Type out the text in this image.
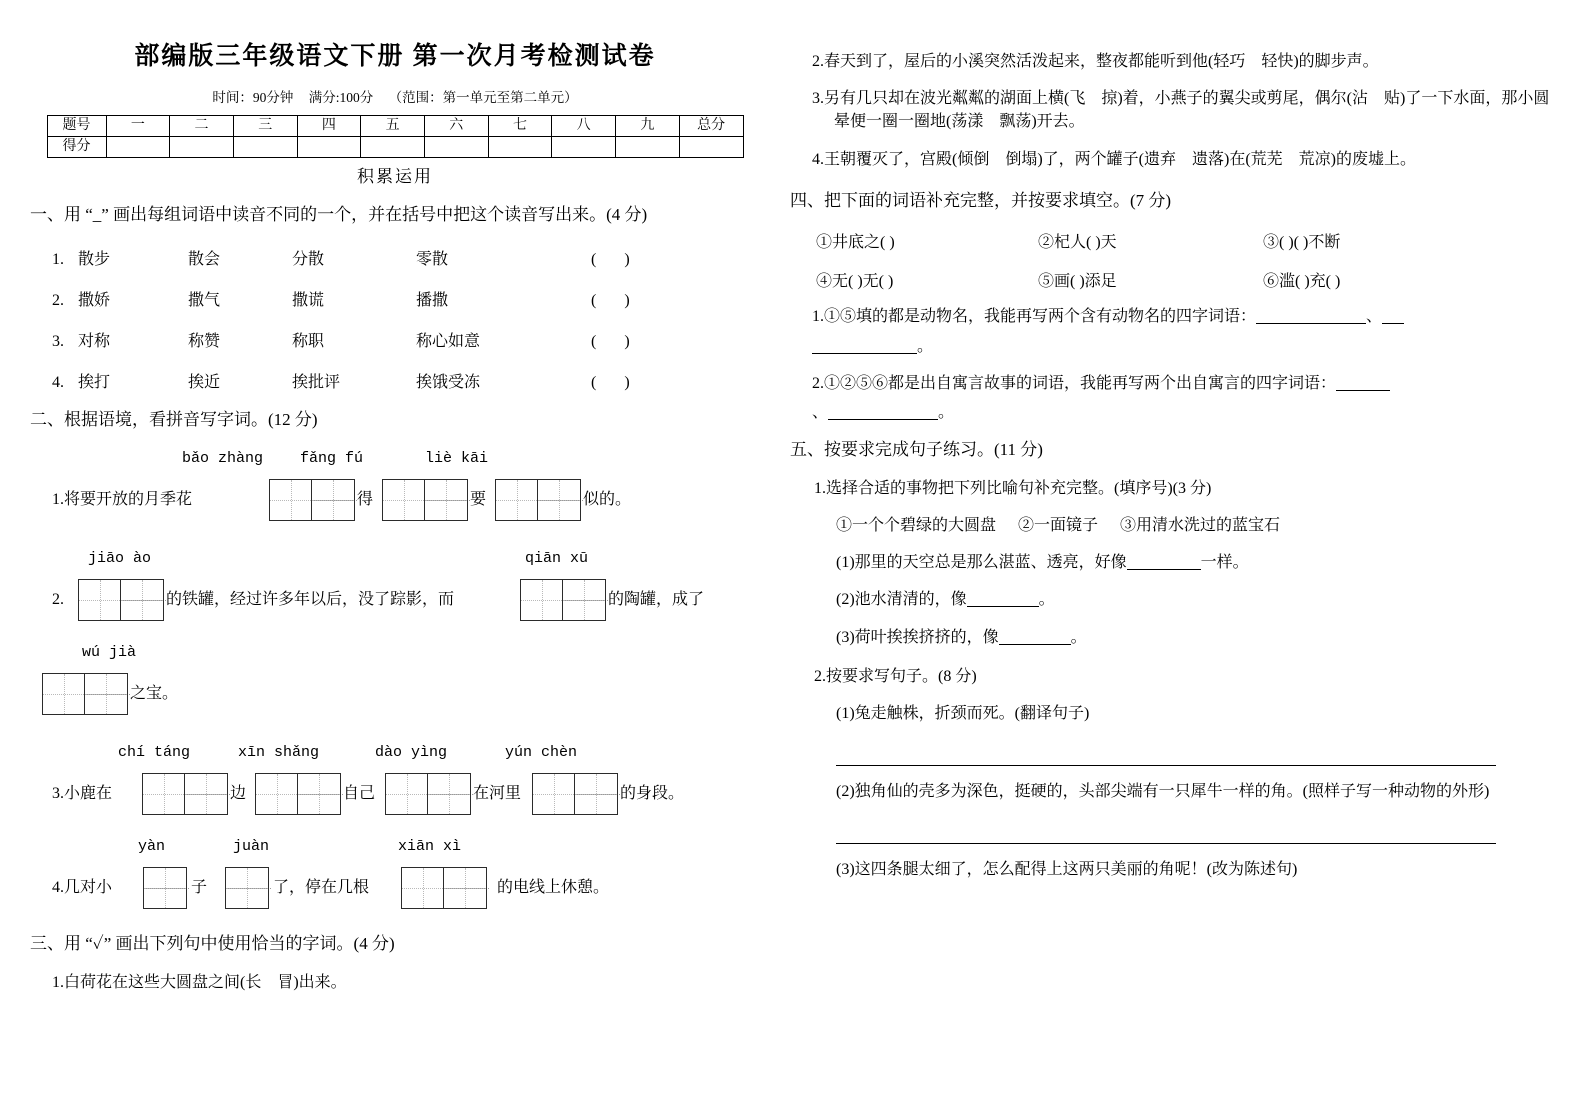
部编版三年级语文下册 第一次月考检测试卷
时间：90分钟 满分:100分 （范围：第一单元至第二单元）
题号	一	二	三	四	五	六	七	八	九	总分
得分										
积累运用
一、用 “_” 画出每组词语中读音不同的一个，并在括号中把这个读音写出来。(4 分)
1. 散步	散会	分散	零散	( )
2. 撒娇	撒气	撒谎	播撒	( )
3. 对称	称赞	称职	称心如意	( )
4. 挨打	挨近	挨批评	挨饿受冻	( )
二、根据语境，看拼音写字词。(12 分)
bǎo zhàng fǎng fú	liè kāi
1.将要开放的月季花	得	要	似的。
jiāo ào	qiān xū
2.	的铁罐，经过许多年以后，没了踪影，而	的陶罐，成了
wú jià
之宝。
chí táng	xīn shǎng	dào yìng	yún chèn
3.小鹿在	边	自己	在河里	的身段。
yàn	juàn	xiān xì
4.几对小	子	了，停在几根	的电线上休憩。
三、用 “✓” 画出下列句中使用恰当的字词。(4 分)
1.白荷花在这些大圆盘之间(长　冒)出来。
2.春天到了，屋后的小溪突然活泼起来，整夜都能听到他(轻巧　轻快)的脚步声。
3.另有几只却在波光粼粼的湖面上横(飞　掠)着，小燕子的翼尖或剪尾，偶尔(沾　贴)了一下水面，那小圆晕便一圈一圈地(荡漾　飘荡)开去。
4.王朝覆灭了，宫殿(倾倒　倒塌)了，两个罐子(遗弃　遗落)在(荒芜　荒凉)的废墟上。
四、把下面的词语补充完整，并按要求填空。(7 分)
①井底之( )	②杞人( )天	③( )( )不断
④无( )无( )	⑤画( )添足	⑥滥( )充( )
1.①⑤填的都是动物名，我能再写两个含有动物名的四字词语：	、
。
2.①②⑤⑥都是出自寓言故事的词语，我能再写两个出自寓言的四字词语：
、	。
五、按要求完成句子练习。(11 分)
1.选择合适的事物把下列比喻句补充完整。(填序号)(3 分)
①一个个碧绿的大圆盘 ②一面镜子 ③用清水洗过的蓝宝石
(1)那里的天空总是那么湛蓝、透亮，好像	一样。
(2)池水清清的，像	。
(3)荷叶挨挨挤挤的，像	。
2.按要求写句子。(8 分)
(1)兔走触株，折颈而死。(翻译句子)
(2)独角仙的壳多为深色，挺硬的，头部尖端有一只犀牛一样的角。(照样子写一种动物的外形)
(3)这四条腿太细了，怎么配得上这两只美丽的角呢！(改为陈述句)
